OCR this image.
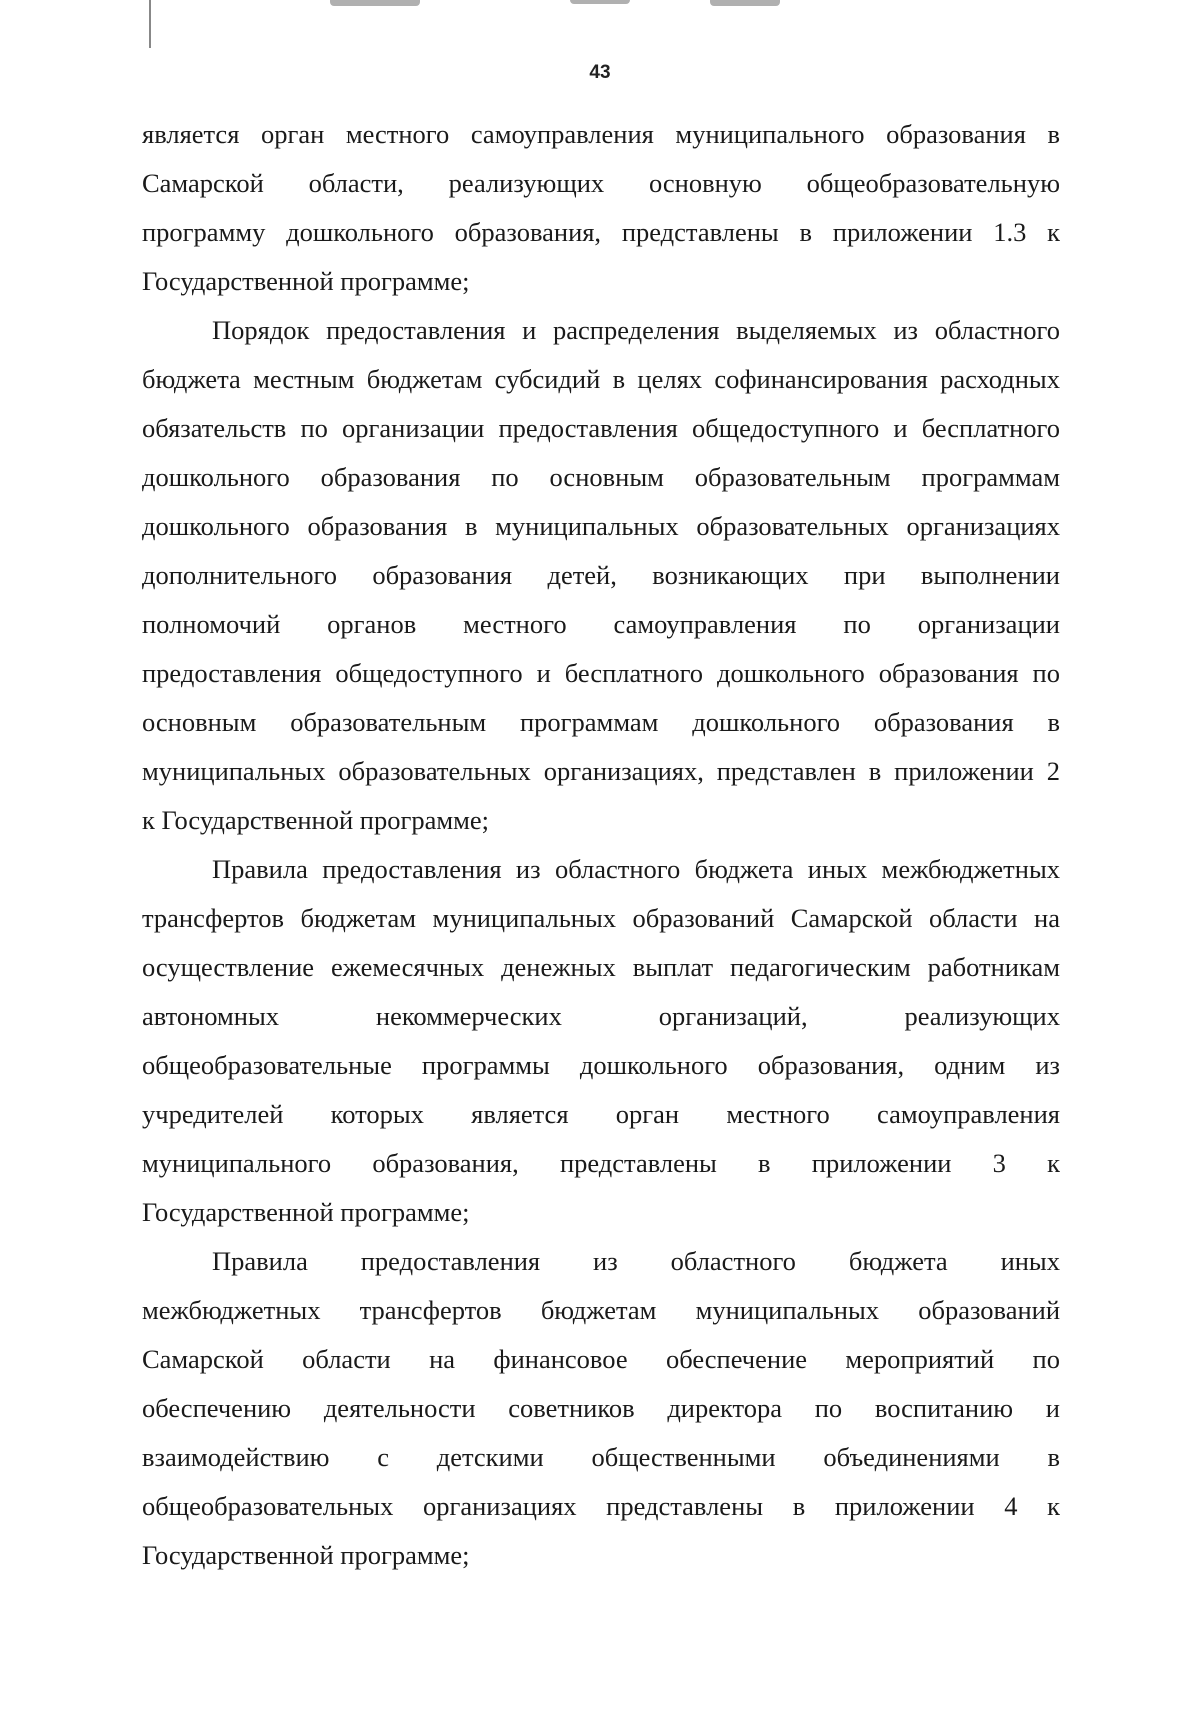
43
является орган местного самоуправления муниципального образования в
Самарской области, реализующих основную общеобразовательную
программу дошкольного образования, представлены в приложении 1.3 к
Государственной программе;
Порядок предоставления и распределения выделяемых из областного
бюджета местным бюджетам субсидий в целях софинансирования расходных
обязательств по организации предоставления общедоступного и бесплатного
дошкольного образования по основным образовательным программам
дошкольного образования в муниципальных образовательных организациях
дополнительного образования детей, возникающих при выполнении
полномочий органов местного самоуправления по организации
предоставления общедоступного и бесплатного дошкольного образования по
основным образовательным программам дошкольного образования в
муниципальных образовательных организациях, представлен в приложении 2
к Государственной программе;
Правила предоставления из областного бюджета иных межбюджетных
трансфертов бюджетам муниципальных образований Самарской области на
осуществление ежемесячных денежных выплат педагогическим работникам
автономных некоммерческих организаций, реализующих
общеобразовательные программы дошкольного образования, одним из
учредителей которых является орган местного самоуправления
муниципального образования, представлены в приложении 3 к
Государственной программе;
Правила предоставления из областного бюджета иных
межбюджетных трансфертов бюджетам муниципальных образований
Самарской области на финансовое обеспечение мероприятий по
обеспечению деятельности советников директора по воспитанию и
взаимодействию с детскими общественными объединениями в
общеобразовательных организациях представлены в приложении 4 к
Государственной программе;
